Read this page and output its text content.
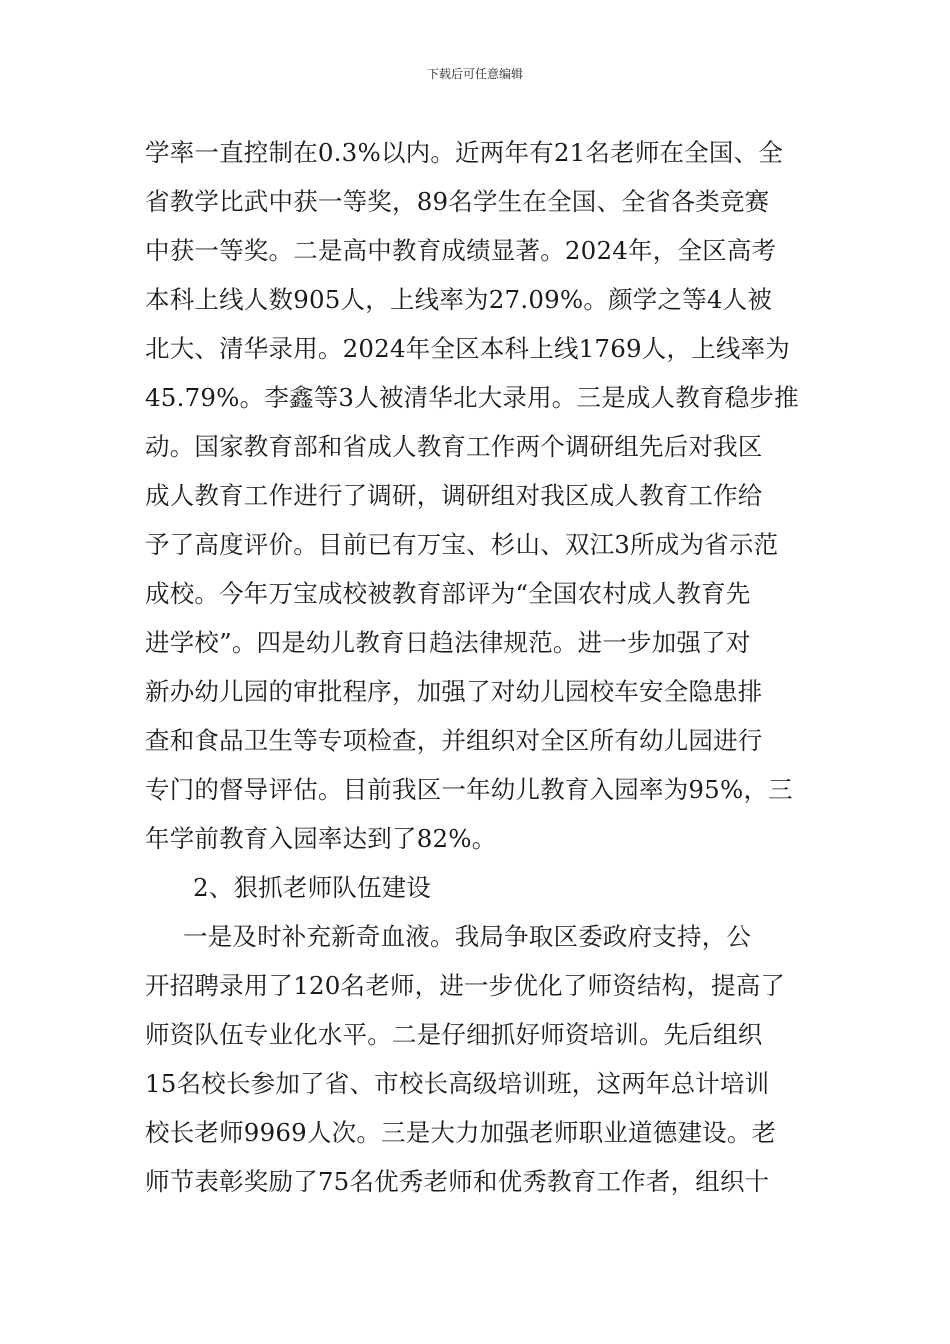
下载后可任意编辑
学率一直控制在0.3%以内。近两年有21名老师在全国、全
省教学比武中获一等奖，89名学生在全国、全省各类竞赛
中获一等奖。二是高中教育成绩显著。2024年，全区高考
本科上线人数905人，上线率为27.09%。颜学之等4人被
北大、清华录用。2024年全区本科上线1769人，上线率为
45.79%。李鑫等3人被清华北大录用。三是成人教育稳步推
动。国家教育部和省成人教育工作两个调研组先后对我区
成人教育工作进行了调研，调研组对我区成人教育工作给
予了高度评价。目前已有万宝、杉山、双江3所成为省示范
成校。今年万宝成校被教育部评为“全国农村成人教育先
进学校”。四是幼儿教育日趋法律规范。进一步加强了对
新办幼儿园的审批程序，加强了对幼儿园校车安全隐患排
查和食品卫生等专项检查，并组织对全区所有幼儿园进行
专门的督导评估。目前我区一年幼儿教育入园率为95%，三
年学前教育入园率达到了82%。
2、狠抓老师队伍建设
一是及时补充新奇血液。我局争取区委政府支持，公
开招聘录用了120名老师，进一步优化了师资结构，提高了
师资队伍专业化水平。二是仔细抓好师资培训。先后组织
15名校长参加了省、市校长高级培训班，这两年总计培训
校长老师9969人次。三是大力加强老师职业道德建设。老
师节表彰奖励了75名优秀老师和优秀教育工作者，组织十
